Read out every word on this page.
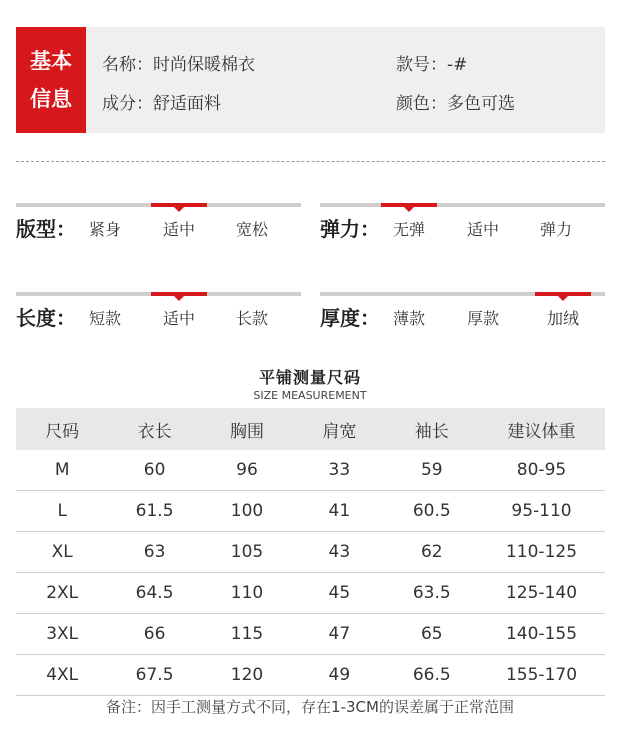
基本
信息
名称：时尚保暖棉衣	款号：-#
成分：舒适面料	颜色：多色可选
版型： 紧身	适中	宽松	弹力： 无弹	适中	弹力
长度： 短款	适中	长款	厚度： 薄款	厚款	加绒
平铺测量尺码
SIZE MEASUREMENT
尺码	衣长	胸围	肩宽	袖长	建议体重
M	60	96	33	59	80-95
L	61.5	100	41	60.5	95-110
XL	63	105	43	62	110-125
2XL	64.5	110	45	63.5	125-140
3XL	66	115	47	65	140-155
4XL	67.5	120	49	66.5	155-170
备注：因手工测量方式不同，存在1-3CM的误差属于正常范围
